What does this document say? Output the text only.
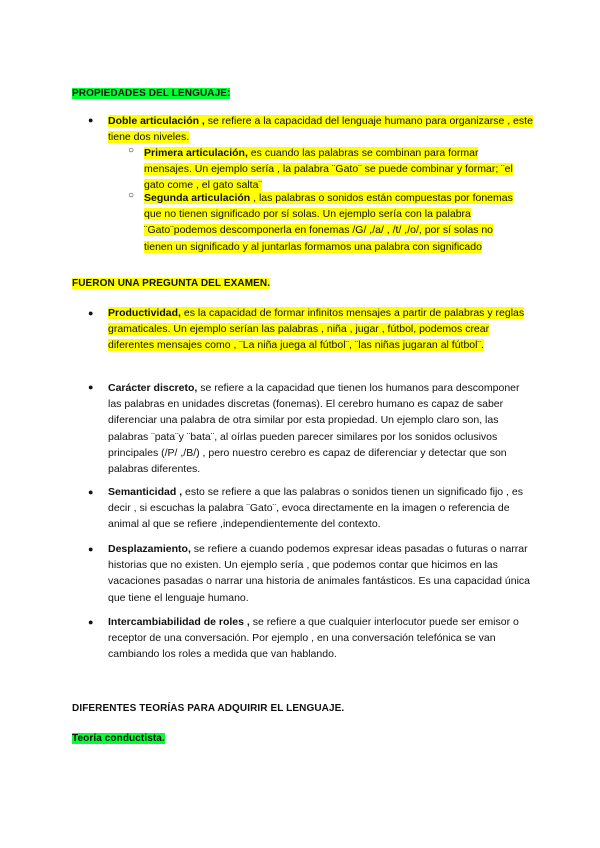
PROPIEDADES DEL LENGUAJE:
● Doble articulación , se refiere a la capacidad del lenguaje humano para organizarse , este tiene dos niveles.
○ Primera articulación, es cuando las palabras se combinan para formar mensajes. Un ejemplo sería , la palabra ¨Gato¨ se puede combinar y formar; ¨el gato come , el gato salta¨
○ Segunda articulación , las palabras o sonidos están compuestas por fonemas que no tienen significado por sí solas. Un ejemplo sería con la palabra ¨Gato¨podemos descomponerla en fonemas /G/ ,/a/ , /t/ ,/o/, por sí solas no tienen un significado y al juntarlas formamos una palabra con significado
FUERON UNA PREGUNTA DEL EXAMEN.
● Productividad, es la capacidad de formar infinitos mensajes a partir de palabras y reglas gramaticales. Un ejemplo serían las palabras , niña , jugar , fútbol, podemos crear diferentes mensajes como , ¨La niña juega al fútbol¨, ¨las niñas jugaran al fútbol¨.
● Carácter discreto, se refiere a la capacidad que tienen los humanos para descomponer las palabras en unidades discretas (fonemas). El cerebro humano es capaz de saber diferenciar una palabra de otra similar por esta propiedad. Un ejemplo claro son, las palabras ¨pata¨y ¨bata¨, al oírlas pueden parecer similares por los sonidos oclusivos principales (/P/ ,/B/) , pero nuestro cerebro es capaz de diferenciar y detectar que son palabras diferentes.
● Semanticidad , esto se refiere a que las palabras o sonidos tienen un significado fijo , es decir , si escuchas la palabra ¨Gato¨, evoca directamente en la imagen o referencia de animal al que se refiere ,independientemente del contexto.
● Desplazamiento, se refiere a cuando podemos expresar ideas pasadas o futuras o narrar historias que no existen. Un ejemplo sería , que podemos contar que hicimos en las vacaciones pasadas o narrar una historia de animales fantásticos. Es una capacidad única que tiene el lenguaje humano.
● Intercambiabilidad de roles , se refiere a que cualquier interlocutor puede ser emisor o receptor de una conversación. Por ejemplo , en una conversación telefónica se van cambiando los roles a medida que van hablando.
DIFERENTES TEORÍAS PARA ADQUIRIR EL LENGUAJE.
Teoría conductista.
